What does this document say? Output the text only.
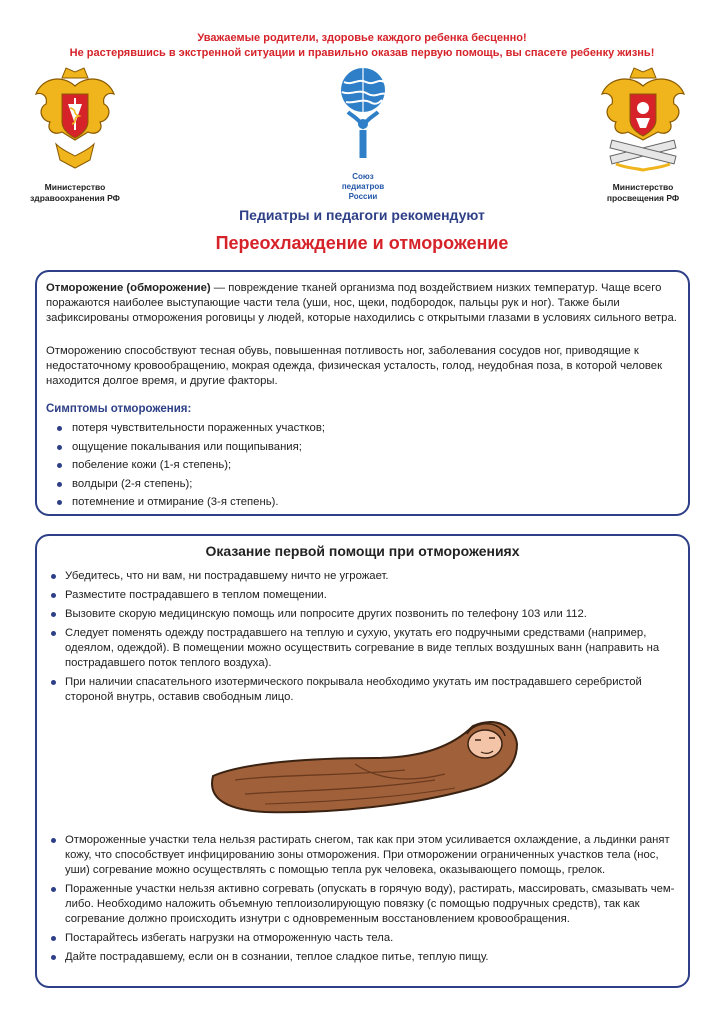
Уважаемые родители, здоровье каждого ребенка бесценно!
Не растерявшись в экстренной ситуации и правильно оказав первую помощь, вы спасете ребенку жизнь!
Министерство
здравоохранения РФ
Союз
педиатров
России
Министерство
просвещения РФ
Педиатры и педагоги рекомендуют
Переохлаждение и отморожение
Отморожение (обморожение) — повреждение тканей организма под воздействием низких температур. Чаще всего поражаются наиболее выступающие части тела (уши, нос, щеки, подбородок, пальцы рук и ног). Также были зафиксированы отморожения роговицы у людей, которые находились с открытыми глазами в условиях сильного ветра.
Отморожению способствуют тесная обувь, повышенная потливость ног, заболевания сосудов ног, приводящие к недостаточному кровообращению, мокрая одежда, физическая усталость, голод, неудобная поза, в которой человек находится долгое время, и другие факторы.
Симптомы отморожения:
потеря чувствительности пораженных участков;
ощущение покалывания или пощипывания;
побеление кожи (1-я степень);
волдыри (2-я степень);
потемнение и отмирание (3-я степень).
Оказание первой помощи при отморожениях
Убедитесь, что ни вам, ни пострадавшему ничто не угрожает.
Разместите пострадавшего в теплом помещении.
Вызовите скорую медицинскую помощь или попросите других позвонить по телефону 103 или 112.
Следует поменять одежду пострадавшего на теплую и сухую, укутать его подручными средствами (например, одеялом, одеждой). В помещении можно осуществить согревание в виде теплых воздушных ванн (направить на пострадавшего поток теплого воздуха).
При наличии спасательного изотермического покрывала необходимо укутать им пострадавшего серебристой стороной внутрь, оставив свободным лицо.
Отмороженные участки тела нельзя растирать снегом, так как при этом усиливается охлаждение, а льдинки ранят кожу, что способствует инфицированию зоны отморожения. При отморожении ограниченных участков тела (нос, уши) согревание можно осуществлять с помощью тепла рук человека, оказывающего помощь, грелок.
Пораженные участки нельзя активно согревать (опускать в горячую воду), растирать, массировать, смазывать чем-либо. Необходимо наложить объемную теплоизолирующую повязку (с помощью подручных средств), так как согревание должно происходить изнутри с одновременным восстановлением кровообращения.
Постарайтесь избегать нагрузки на отмороженную часть тела.
Дайте пострадавшему, если он в сознании, теплое сладкое питье, теплую пищу.
